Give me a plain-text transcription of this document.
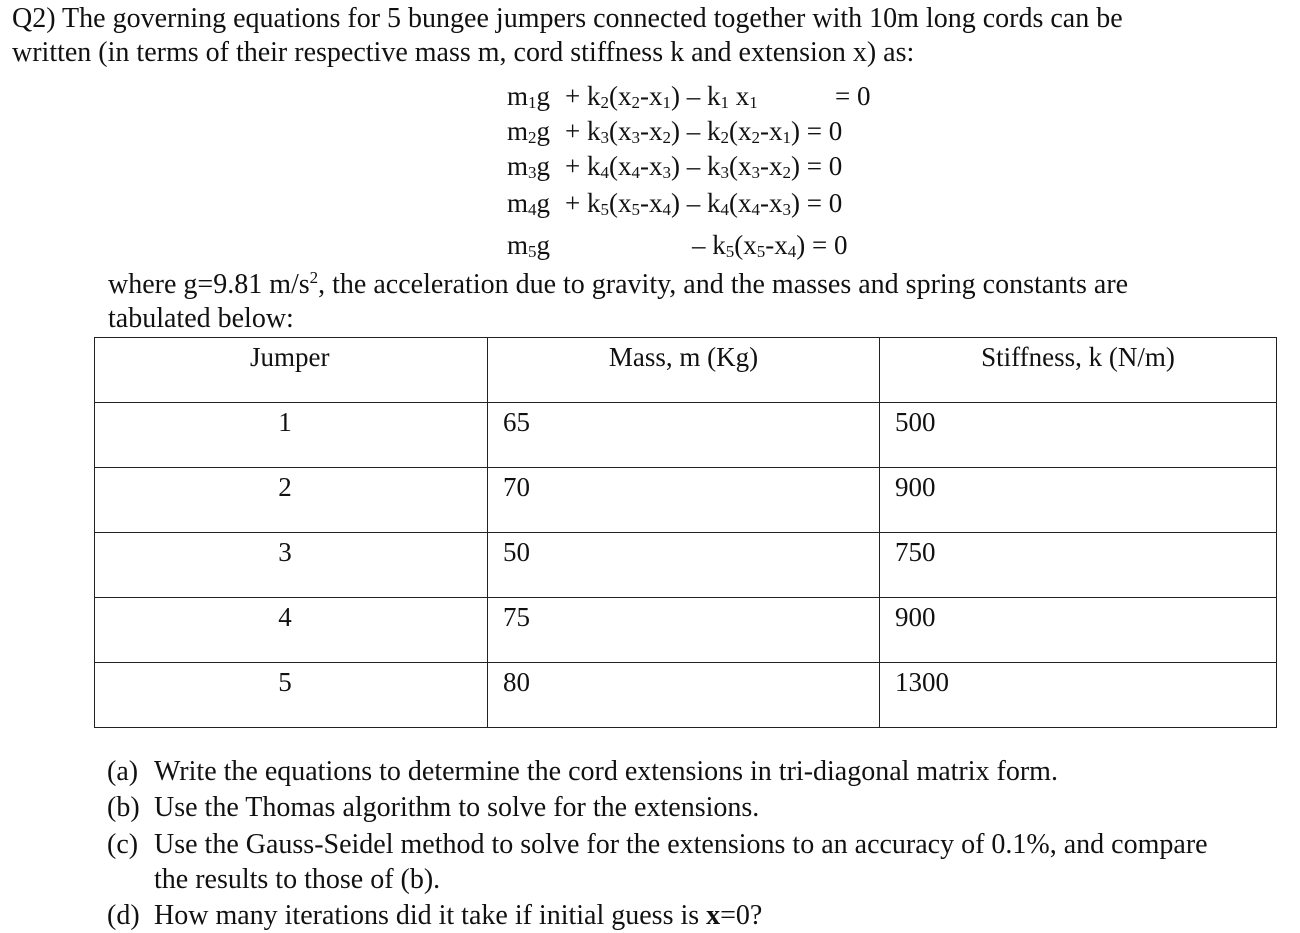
Q2) The governing equations for 5 bungee jumpers connected together with 10m long cords can be
written (in terms of their respective mass m, cord stiffness k and extension x) as:
$m_1g + k_2(x_2-x_1) - k_1$ $x_1$	= 0
$m_2g + k_3(x_3-x_2) - k_2(x_2-x_1) = 0$
$m_3g + k_4(x_4-x_3) - k_3(x_3-x_2) = 0$
$m_4g + k_5(x_5-x_4) - k_4(x_4-x_3) = 0$
$m_5g$	– $k_5(x_5-x_4) = 0$
where g=9.81 $m/s^2$, the acceleration due to gravity, and the masses and spring constants are
tabulated below:
Jumper	Mass, m (Kg)	Stiffness, k (N/m)
1	65	500
2	70	900
3	50	750
4	75	900
5	80	1300
(a) Write the equations to determine the cord extensions in tri-diagonal matrix form.
(b) Use the Thomas algorithm to solve for the extensions.
(c) Use the Gauss-Seidel method to solve for the extensions to an accuracy of 0.1%, and compare
the results to those of (b).
(d) How many iterations did it take if initial guess is x=0?
